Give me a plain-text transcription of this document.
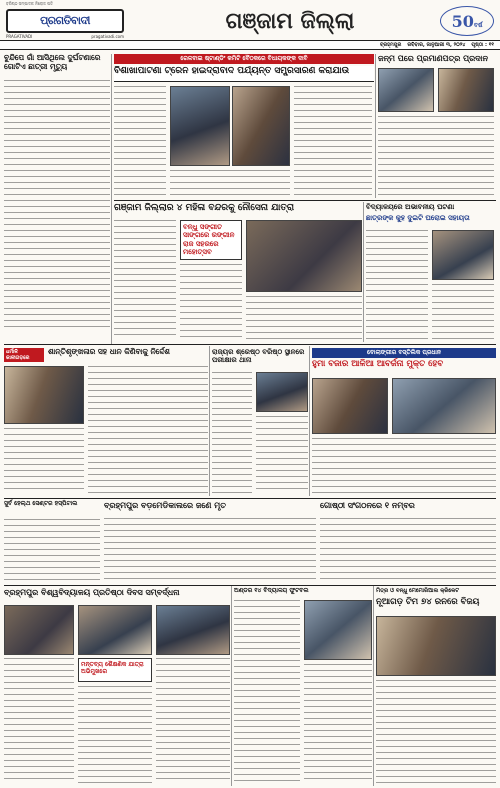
ବରିଷ୍ଠ ସମ୍ପାଦକ ନିରୋଜ ପତି
ପ୍ରଗତିବାଦୀ
PRAGATIVADI	pragativadi.com
ଗଞ୍ଜାମ ଜିଲ୍ଲା	50ବର୍ଷ
ବ୍ରହ୍ମପୁର ରବିବାର, ଜାନୁଆରୀ ୩, ୨୦୨୪ ପୃଷ୍ଠା : ୧୧
ବୁନ୍ଦିପେ ଗାଁ ଆସିଥିଲେ ଦୁର୍ଘଟଣାରେ ଗୋଟିଏ ଛାତ୍ରୀ ମୃତ୍ୟୁ
ରେଳବାଇ ଷ୍ଟାଣ୍ଡିଂ କମିଟି ବୈଠକରେ ବିଧାୟକଙ୍କ ଦାବି
ବିଶାଖାପାଟଣା ଟ୍ରେନ ହାଇଦ୍ରାବାଦ ପର୍ଯ୍ୟନ୍ତ ସମ୍ପ୍ରସାରଣ କରାଯାଉ
ଜନ୍ମ ପରେ ପ୍ରମାଣପତ୍ର ପ୍ରଦାନ
ଗଞ୍ଜାମ ଜିଲ୍ଲାର ୪ ମହିଳା ବନ୍ଦରକୁ ନୌସେନା ଯାତ୍ରା
ବନ୍ଧୁ ସଙ୍ଗୀତ ସାଙ୍ଗରେ ରଙ୍ଗୀନ ରାଜ ସହରରେ ମହୋତ୍ସବ
ବିଦ୍ୟାଳୟରେ ଅଭାବନୀୟ ଘଟଣା
ଛାତ୍ରଙ୍କ କୁହ ଦୁଇଟି ଘରୋଇ ସହାୟତା
ଧର୍ମାଳି କାଳୀଗଡ଼ରେ
ଶାନ୍ତିଶୃଙ୍ଖଳାର ସହ ଧାନ କିଣିବାକୁ ନିର୍ଦ୍ଦେଶ	ରାଜ୍ୟର ଶ୍ରେଷ୍ଠ ବରିଷ୍ଠ ସ୍ଥାନରେ ପରୀକ୍ଷାର ଥାନା
ବୋଲାଙ୍ଗୀର ବସ୍ତିଲିକ ପ୍ରଧାନ
ହୁମା ବଜାର ଆଳିଆ ଆବର୍ଜନା ମୁକ୍ତ ହେବ
ସୁର୍ବ ହେଲ୍ଥ ସେଣ୍ଟର ହସ୍ପିଟାଲ	ବ୍ରହ୍ମପୁର ବଡ଼ମେଡିକାଲରେ ଜଣେ ମୃତ	ଗୋଷ୍ଠୀ ସଂଗଠନରେ ୧ ନମ୍ବର
ବ୍ରହ୍ମପୁର ବିଶ୍ୱବିଦ୍ୟାଳୟ ପ୍ରତିଷ୍ଠା ଦିବସ ସମ୍ବର୍ଦ୍ଧନା
ମନ୍ତବ୍ୟ ଶୈକ୍ଷଣିକ ଯାତ୍ରା ଅଭିମୁଖରେ
ଅଣ୍ଡର ୧୪ ବିଦ୍ୟାଳୟ ଫୁଟବଲ	ମିତ୍ର ଓ ବନ୍ଧୁ ମେମୋରିଆଲ କ୍ରିକେଟ
ନୂଆଗଡ଼ ଟିମ ୭୪ ରନରେ ବିଜୟ
